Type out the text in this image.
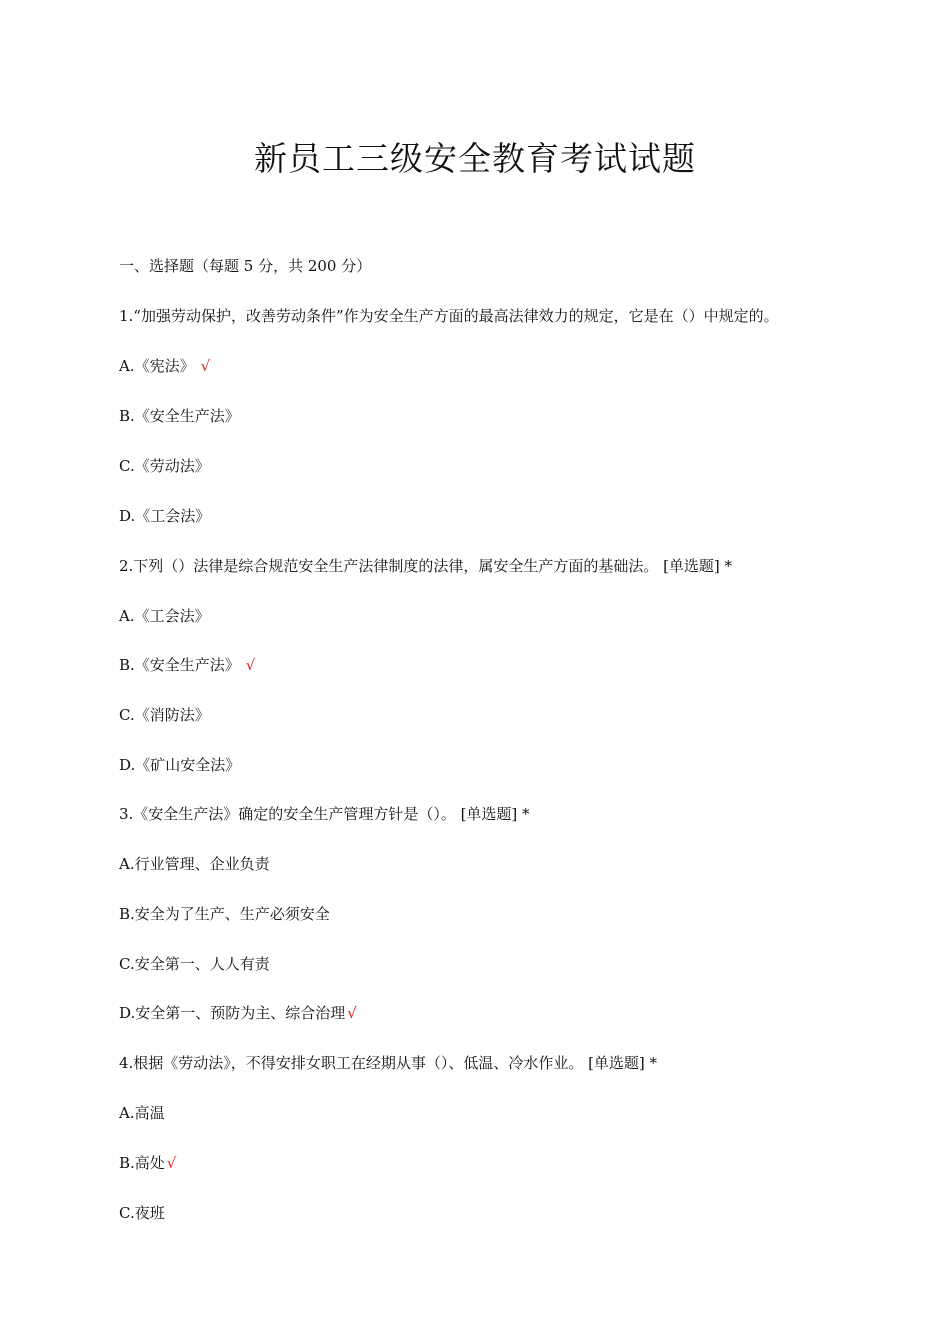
新员工三级安全教育考试试题
一、选择题（每题 5 分，共 200 分）
1.“加强劳动保护，改善劳动条件”作为安全生产方面的最高法律效力的规定，它是在（）中规定的。
A.《宪法》 √
B.《安全生产法》
C.《劳动法》
D.《工会法》
2.下列（）法律是综合规范安全生产法律制度的法律，属安全生产方面的基础法。 [单选题] *
A.《工会法》
B.《安全生产法》 √
C.《消防法》
D.《矿山安全法》
3.《安全生产法》确定的安全生产管理方针是（）。 [单选题] *
A.行业管理、企业负责
B.安全为了生产、生产必须安全
C.安全第一、人人有责
D.安全第一、预防为主、综合治理 √
4.根据《劳动法》，不得安排女职工在经期从事（）、低温、冷水作业。 [单选题] *
A.高温
B.高处 √
C.夜班
